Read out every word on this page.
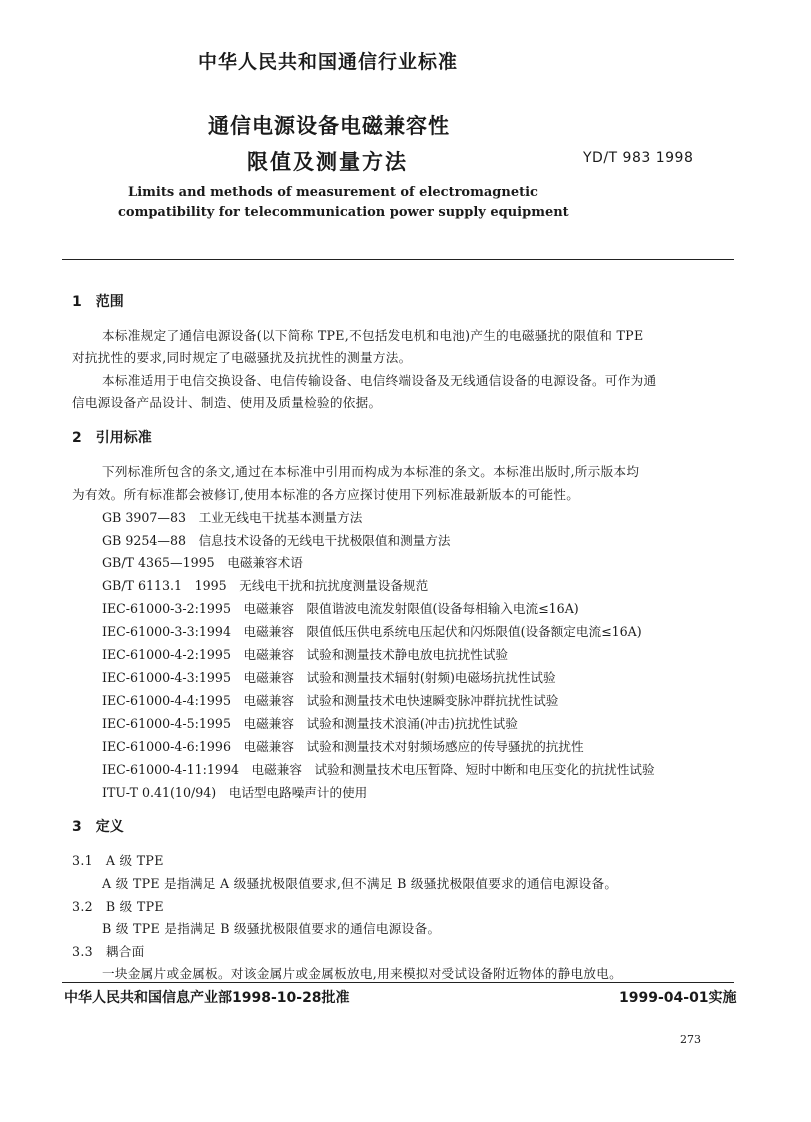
中华人民共和国通信行业标准
通信电源设备电磁兼容性
限值及测量方法	YD/T 983 1998
Limits and methods of measurement of electromagnetic
compatibility for telecommunication power supply equipment
1　范围
本标准规定了通信电源设备(以下简称 TPE,不包括发电机和电池)产生的电磁骚扰的限值和 TPE
对抗扰性的要求,同时规定了电磁骚扰及抗扰性的测量方法。
本标准适用于电信交换设备、电信传输设备、电信终端设备及无线通信设备的电源设备。可作为通
信电源设备产品设计、制造、使用及质量检验的依据。
2　引用标准
下列标准所包含的条文,通过在本标准中引用而构成为本标准的条文。本标准出版时,所示版本均
为有效。所有标准都会被修订,使用本标准的各方应探讨使用下列标准最新版本的可能性。
GB 3907—83　工业无线电干扰基本测量方法
GB 9254—88　信息技术设备的无线电干扰极限值和测量方法
GB/T 4365—1995　电磁兼容术语
GB/T 6113.1　1995　无线电干扰和抗扰度测量设备规范
IEC-61000-3-2:1995　电磁兼容　限值谐波电流发射限值(设备每相输入电流≤16A)
IEC-61000-3-3:1994　电磁兼容　限值低压供电系统电压起伏和闪烁限值(设备额定电流≤16A)
IEC-61000-4-2:1995　电磁兼容　试验和测量技术静电放电抗扰性试验
IEC-61000-4-3:1995　电磁兼容　试验和测量技术辐射(射频)电磁场抗扰性试验
IEC-61000-4-4:1995　电磁兼容　试验和测量技术电快速瞬变脉冲群抗扰性试验
IEC-61000-4-5:1995　电磁兼容　试验和测量技术浪涌(冲击)抗扰性试验
IEC-61000-4-6:1996　电磁兼容　试验和测量技术对射频场感应的传导骚扰的抗扰性
IEC-61000-4-11:1994　电磁兼容　试验和测量技术电压暂降、短时中断和电压变化的抗扰性试验
ITU-T 0.41(10/94)　电话型电路噪声计的使用
3　定义
3.1　A 级 TPE
A 级 TPE 是指满足 A 级骚扰极限值要求,但不满足 B 级骚扰极限值要求的通信电源设备。
3.2　B 级 TPE
B 级 TPE 是指满足 B 级骚扰极限值要求的通信电源设备。
3.3　耦合面
一块金属片或金属板。对该金属片或金属板放电,用来模拟对受试设备附近物体的静电放电。
中华人民共和国信息产业部1998-10-28批准	1999-04-01实施
273
